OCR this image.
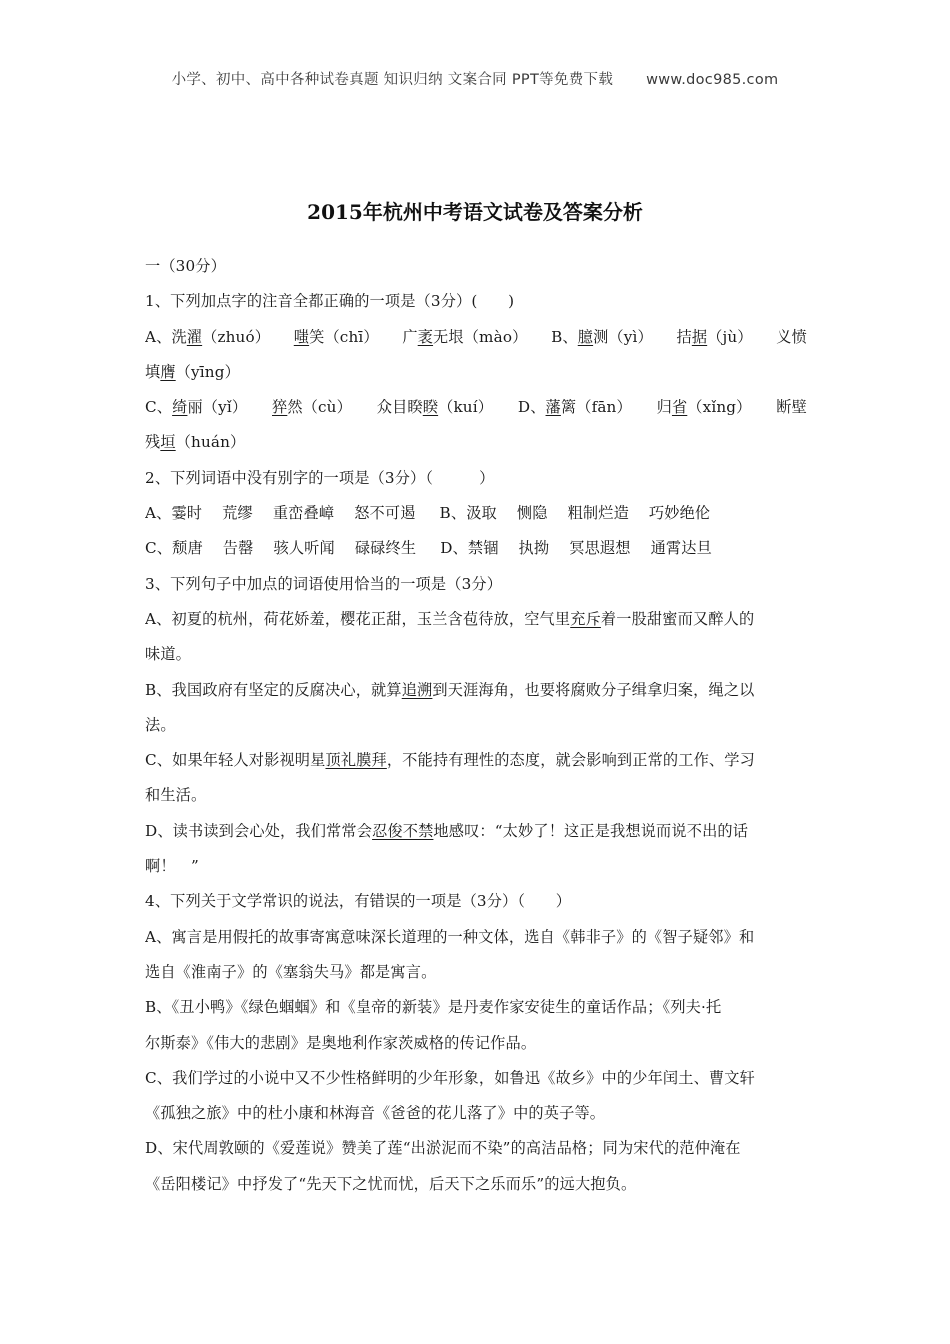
小学、初中、高中各种试卷真题 知识归纳 文案合同 PPT等免费下载 www.doc985.com
2015年杭州中考语文试卷及答案分析
一（30分）
1、下列加点字的注音全都正确的一项是（3分）(　　)
A、洗濯（zhuó） 嗤笑（chī） 广袤无垠（mào） B、臆测（yì） 拮据（jù） 义愤
填膺（yīng）
C、绮丽（yǐ） 猝然（cù） 众目睽睽（kuí） D、藩篱（fān） 归省（xǐng） 断壁
残垣（huán）
2、下列词语中没有别字的一项是（3分）（　　　）
A、霎时 荒缪 重峦叠嶂 怒不可遏 B、汲取 恻隐 粗制烂造 巧妙绝伦
C、颓唐 告罄 骇人听闻 碌碌终生 D、禁锢 执拗 冥思遐想 通霄达旦
3、下列句子中加点的词语使用恰当的一项是（3分）
A、初夏的杭州，荷花娇羞，樱花正甜，玉兰含苞待放，空气里充斥着一股甜蜜而又醉人的
味道。
B、我国政府有坚定的反腐决心，就算追溯到天涯海角，也要将腐败分子缉拿归案，绳之以
法。
C、如果年轻人对影视明星顶礼膜拜，不能持有理性的态度，就会影响到正常的工作、学习
和生活。
D、读书读到会心处，我们常常会忍俊不禁地感叹：“太妙了！这正是我想说而说不出的话
啊！　”
4、下列关于文学常识的说法，有错误的一项是（3分）（　　）
A、寓言是用假托的故事寄寓意味深长道理的一种文体，选自《韩非子》的《智子疑邻》和
选自《淮南子》的《塞翁失马》都是寓言。
B、《丑小鸭》《绿色蝈蝈》和《皇帝的新装》是丹麦作家安徒生的童话作品；《列夫·托
尔斯泰》《伟大的悲剧》是奥地利作家茨威格的传记作品。
C、我们学过的小说中又不少性格鲜明的少年形象，如鲁迅《故乡》中的少年闰土、曹文轩
《孤独之旅》中的杜小康和林海音《爸爸的花儿落了》中的英子等。
D、宋代周敦颐的《爱莲说》赞美了莲“出淤泥而不染”的高洁品格；同为宋代的范仲淹在
《岳阳楼记》中抒发了“先天下之忧而忧，后天下之乐而乐”的远大抱负。
